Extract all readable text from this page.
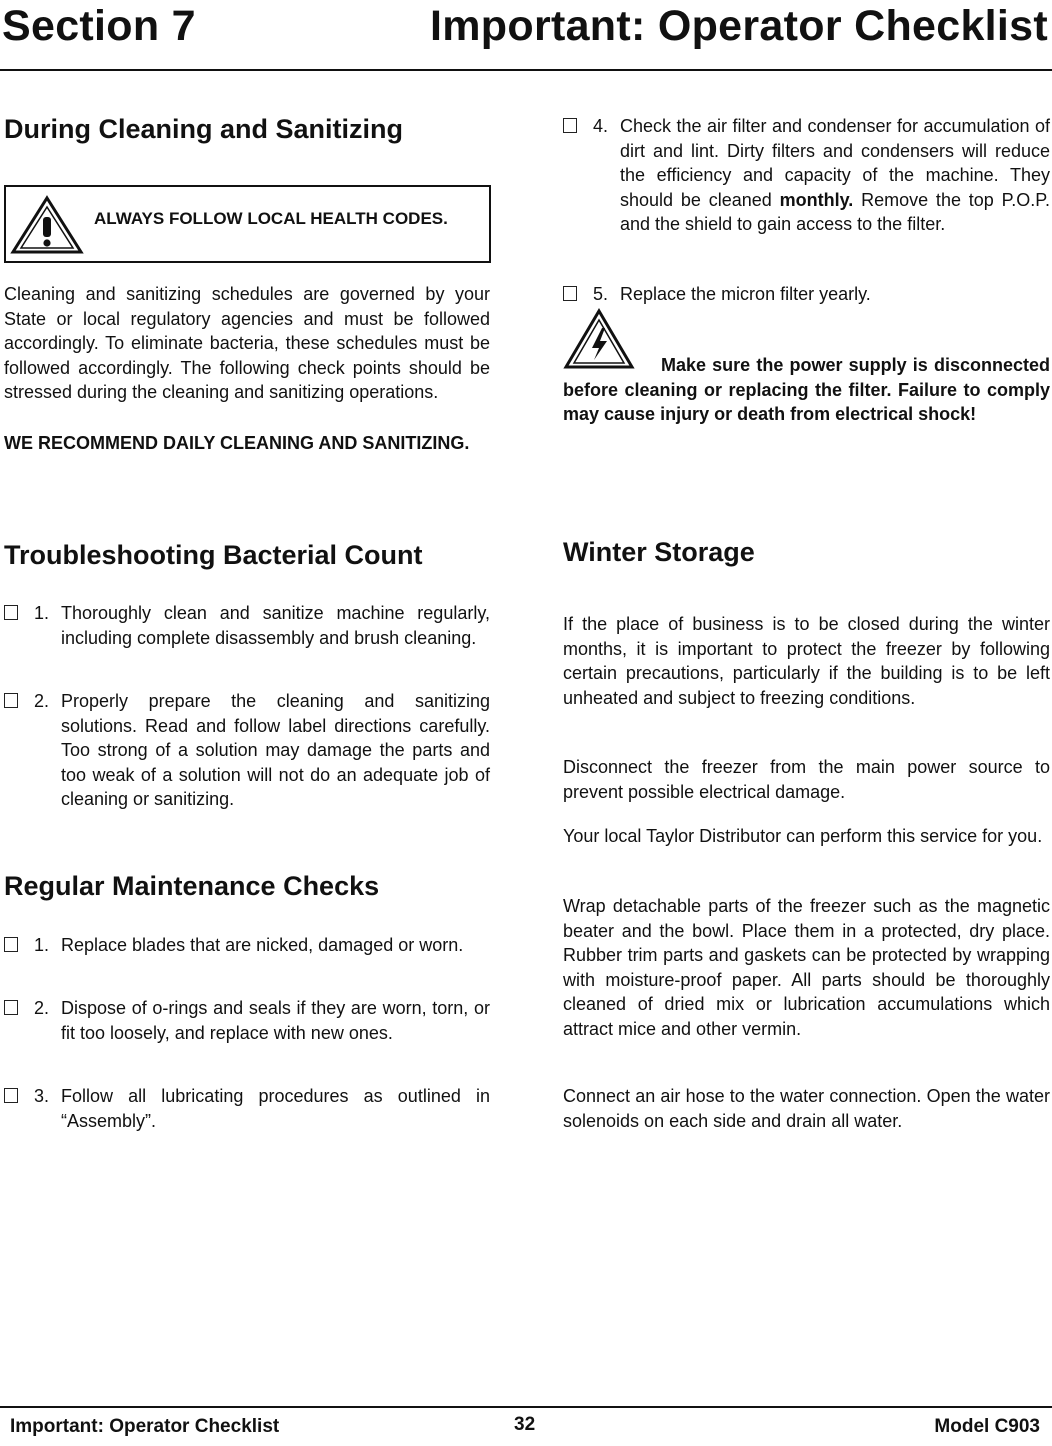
Section 7	Important: Operator Checklist
During Cleaning and Sanitizing
ALWAYS FOLLOW LOCAL HEALTH CODES.

Cleaning and sanitizing schedules are governed by your State or local regulatory agencies and must be followed accordingly. To eliminate bacteria, these schedules must be followed accordingly. The following check points should be stressed during the cleaning and sanitizing operations.

WE RECOMMEND DAILY CLEANING AND SANITIZING.
Troubleshooting Bacterial Count
1. Thoroughly clean and sanitize machine regularly, including complete disassembly and brush cleaning.
2. Properly prepare the cleaning and sanitizing solutions. Read and follow label directions carefully. Too strong of a solution may damage the parts and too weak of a solution will not do an adequate job of cleaning or sanitizing.
Regular Maintenance Checks
1. Replace blades that are nicked, damaged or worn.
2. Dispose of o-rings and seals if they are worn, torn, or fit too loosely, and replace with new ones.
3. Follow all lubricating procedures as outlined in “Assembly”.
4. Check the air filter and condenser for accumulation of dirt and lint. Dirty filters and condensers will reduce the efficiency and capacity of the machine. They should be cleaned monthly. Remove the top P.O.P. and the shield to gain access to the filter.
5. Replace the micron filter yearly.
Make sure the power supply is disconnected before cleaning or replacing the filter. Failure to comply may cause injury or death from electrical shock!
Winter Storage

If the place of business is to be closed during the winter months, it is important to protect the freezer by following certain precautions, particularly if the building is to be left unheated and subject to freezing conditions.

Disconnect the freezer from the main power source to prevent possible electrical damage.

Your local Taylor Distributor can perform this service for you.

Wrap detachable parts of the freezer such as the magnetic beater and the bowl. Place them in a protected, dry place. Rubber trim parts and gaskets can be protected by wrapping with moisture-proof paper. All parts should be thoroughly cleaned of dried mix or lubrication accumulations which attract mice and other vermin.

Connect an air hose to the water connection. Open the water solenoids on each side and drain all water.

Important: Operator Checklist	32	Model C903
